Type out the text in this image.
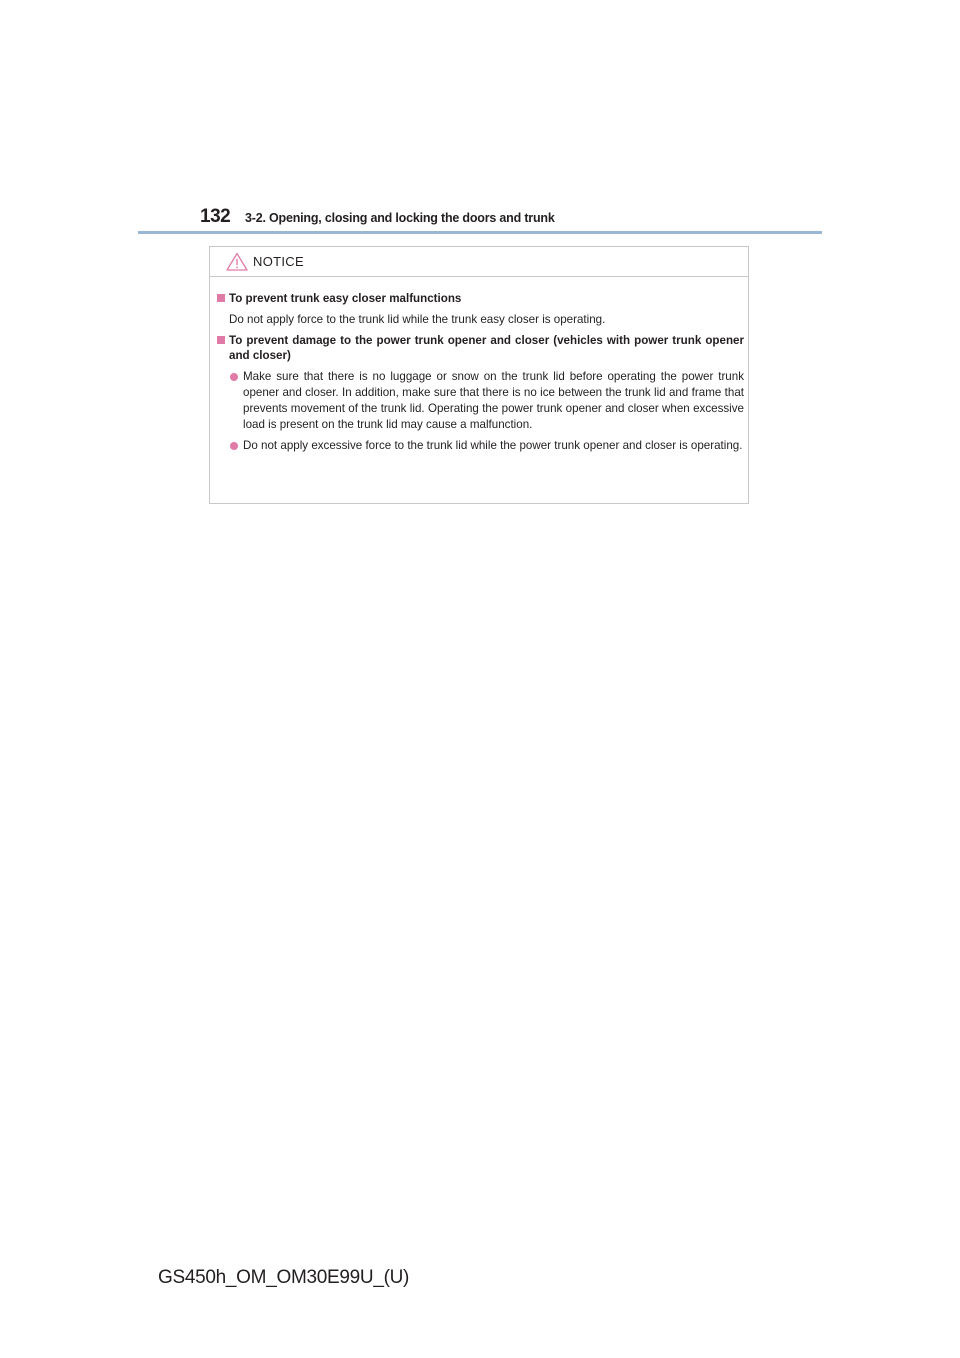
132 3-2. Opening, closing and locking the doors and trunk
NOTICE
To prevent trunk easy closer malfunctions
Do not apply force to the trunk lid while the trunk easy closer is operating.
To prevent damage to the power trunk opener and closer (vehicles with power trunk opener and closer)
Make sure that there is no luggage or snow on the trunk lid before operating the power trunk opener and closer. In addition, make sure that there is no ice between the trunk lid and frame that prevents movement of the trunk lid. Operating the power trunk opener and closer when excessive load is present on the trunk lid may cause a malfunction.
Do not apply excessive force to the trunk lid while the power trunk opener and closer is operating.
GS450h_OM_OM30E99U_(U)
